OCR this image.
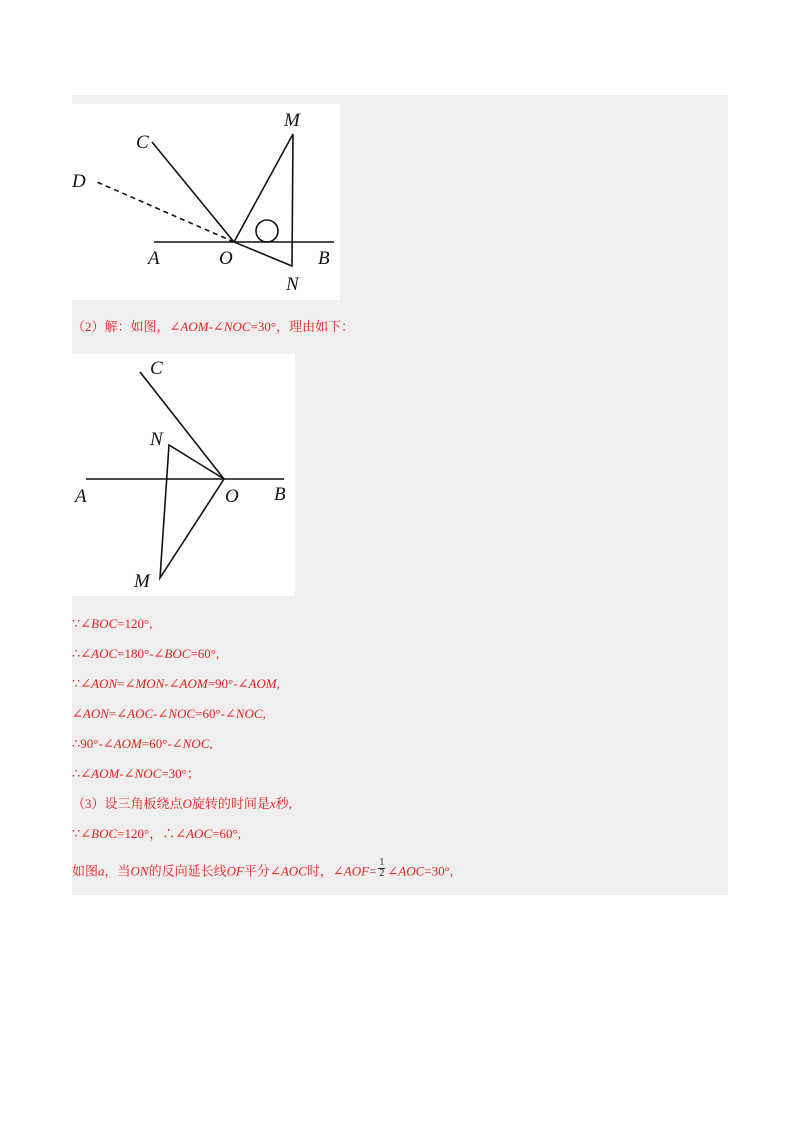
M
C
D
A	O	B
N
（2）解：如图，∠AOM-∠NOC=30°，理由如下：
C
N
A	O B
M
∵∠BOC=120°,
∴∠AOC=180°-∠BOC=60°,
∵∠AON=∠MON-∠AOM=90°-∠AOM,
∠AON=∠AOC-∠NOC=60°-∠NOC,
∴90°-∠AOM=60°-∠NOC,
∴∠AOM-∠NOC=30°；
（3）设三角板绕点O旋转的时间是x秒,
∵∠BOC=120°，∴∠AOC=60°,
如图a，当ON的反向延长线OF平分∠AOC时，∠AOF= $\frac{1}{2}$ ∠AOC=30°,
